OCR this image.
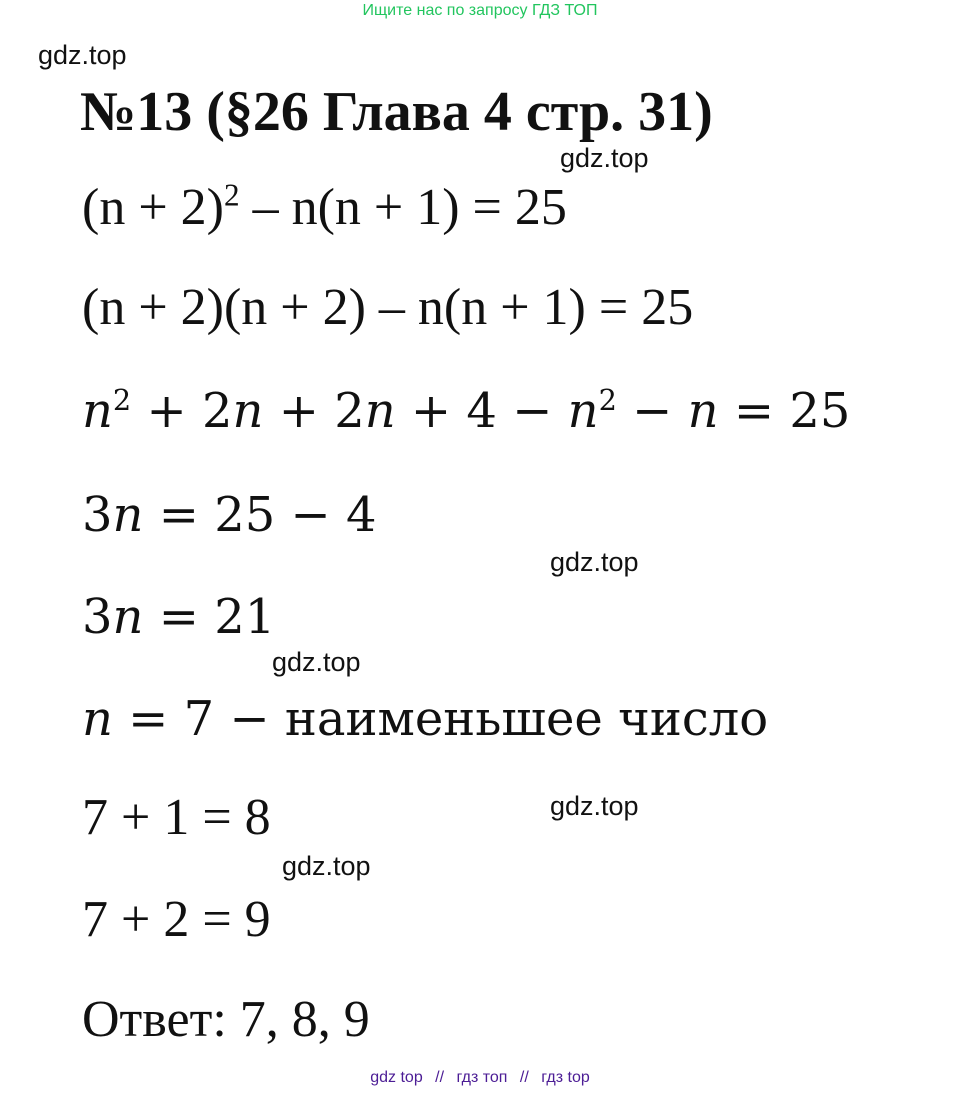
Ищите нас по запросу ГДЗ ТОП
gdz.top
gdz.top
gdz.top
gdz.top
gdz.top
gdz.top
№13 (§26 Глава 4 стр. 31)
$(n + 2)^2 - n(n + 1) = 25$
(n + 2)(n + 2) – n(n + 1) = 25
$n^2 + 2n + 2n + 4 - n^2 - n = 25$
3n = 25 − 4
3n = 21
n = 7 − наименьшее число
7 + 1 = 8
7 + 2 = 9
Ответ: 7, 8, 9
gdz top // гдз топ // гдз top
